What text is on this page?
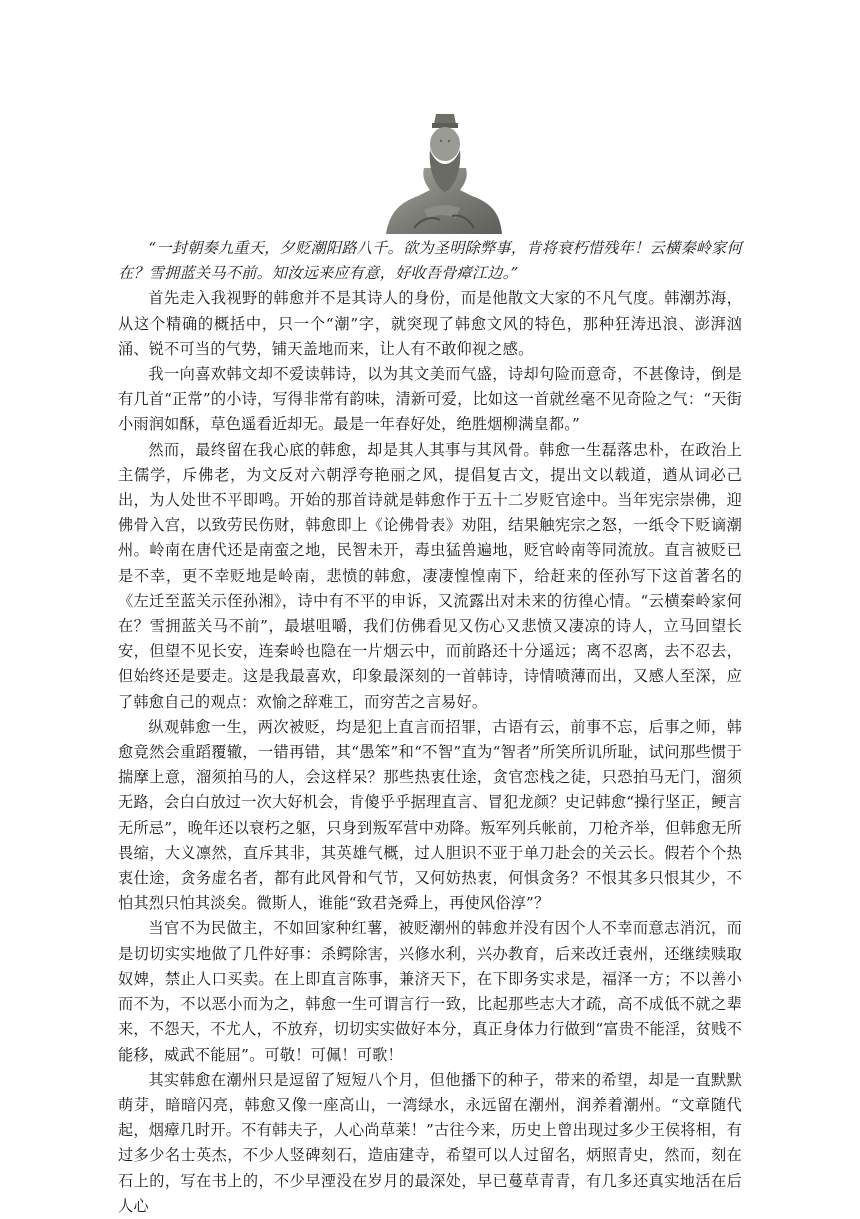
“一封朝奏九重天，夕贬潮阳路八千。欲为圣明除弊事，肯将衰朽惜残年！云横秦岭家何在？雪拥蓝关马不前。知汝远来应有意，好收吾骨瘴江边。”

首先走入我视野的韩愈并不是其诗人的身份，而是他散文大家的不凡气度。韩潮苏海，从这个精确的概括中，只一个“潮”字，就突现了韩愈文风的特色，那种狂涛迅浪、澎湃汹涌、锐不可当的气势，铺天盖地而来，让人有不敢仰视之感。

我一向喜欢韩文却不爱读韩诗，以为其文美而气盛，诗却句险而意奇，不甚像诗，倒是有几首“正常”的小诗，写得非常有韵味，清新可爱，比如这一首就丝毫不见奇险之气：“天街小雨润如酥，草色遥看近却无。最是一年春好处，绝胜烟柳满皇都。”

然而，最终留在我心底的韩愈，却是其人其事与其风骨。韩愈一生磊落忠朴，在政治上主儒学，斥佛老，为文反对六朝浮夸艳丽之风，提倡复古文，提出文以载道，遒从词必己出，为人处世不平即鸣。开始的那首诗就是韩愈作于五十二岁贬官途中。当年宪宗崇佛，迎佛骨入宫，以致劳民伤财，韩愈即上《论佛骨表》劝阻，结果触宪宗之怒，一纸令下贬谪潮州。岭南在唐代还是南蛮之地，民智未开，毒虫猛兽遍地，贬官岭南等同流放。直言被贬已是不幸，更不幸贬地是岭南，悲愤的韩愈，凄凄惶惶南下，给赶来的侄孙写下这首著名的《左迁至蓝关示侄孙湘》，诗中有不平的申诉，又流露出对未来的彷徨心情。“云横秦岭家何在？雪拥蓝关马不前”，最堪咀嚼，我们仿佛看见又伤心又悲愤又凄凉的诗人，立马回望长安，但望不见长安，连秦岭也隐在一片烟云中，而前路还十分遥远；离不忍离，去不忍去，但始终还是要走。这是我最喜欢，印象最深刻的一首韩诗，诗情喷薄而出，又感人至深，应了韩愈自己的观点：欢愉之辞难工，而穷苦之言易好。

纵观韩愈一生，两次被贬，均是犯上直言而招罪，古语有云，前事不忘，后事之师，韩愈竟然会重蹈覆辙，一错再错，其“愚笨”和“不智”直为“智者”所笑所讥所耻，试问那些惯于揣摩上意，溜须拍马的人，会这样呆？那些热衷仕途，贪官恋栈之徒，只恐拍马无门，溜须无路，会白白放过一次大好机会，肯傻乎乎据理直言、冒犯龙颜？史记韩愈“操行坚正，鲠言无所忌”，晚年还以衰朽之躯，只身到叛军营中劝降。叛军列兵帐前，刀枪齐举，但韩愈无所畏缩，大义凛然，直斥其非，其英雄气概，过人胆识不亚于单刀赴会的关云长。假若个个热衷仕途，贪务虚名者，都有此风骨和气节，又何妨热衷，何惧贪务？不恨其多只恨其少，不怕其烈只怕其淡矣。微斯人，谁能“致君尧舜上，再使风俗淳”？

当官不为民做主，不如回家种红薯，被贬潮州的韩愈并没有因个人不幸而意志消沉，而是切切实实地做了几件好事：杀鳄除害，兴修水利，兴办教育，后来改迁袁州，还继续赎取奴婢，禁止人口买卖。在上即直言陈事，兼济天下，在下即务实求是，福泽一方；不以善小而不为，不以恶小而为之，韩愈一生可谓言行一致，比起那些志大才疏，高不成低不就之辈来，不怨天，不尤人，不放弃，切切实实做好本分，真正身体力行做到“富贵不能淫，贫贱不能移，威武不能屈”。可敬！可佩！可歌！

其实韩愈在潮州只是逗留了短短八个月，但他播下的种子，带来的希望，却是一直默默萌芽，暗暗闪亮，韩愈又像一座高山，一湾绿水，永远留在潮州，润养着潮州。“文章随代起，烟瘴几时开。不有韩夫子，人心尚草莱！”古往今来，历史上曾出现过多少王侯将相，有过多少名士英杰，不少人竖碑刻石，造庙建寺，希望可以人过留名，炳照青史，然而，刻在石上的，写在书上的，不少早湮没在岁月的最深处，早已蔓草青青，有几多还真实地活在后人心
